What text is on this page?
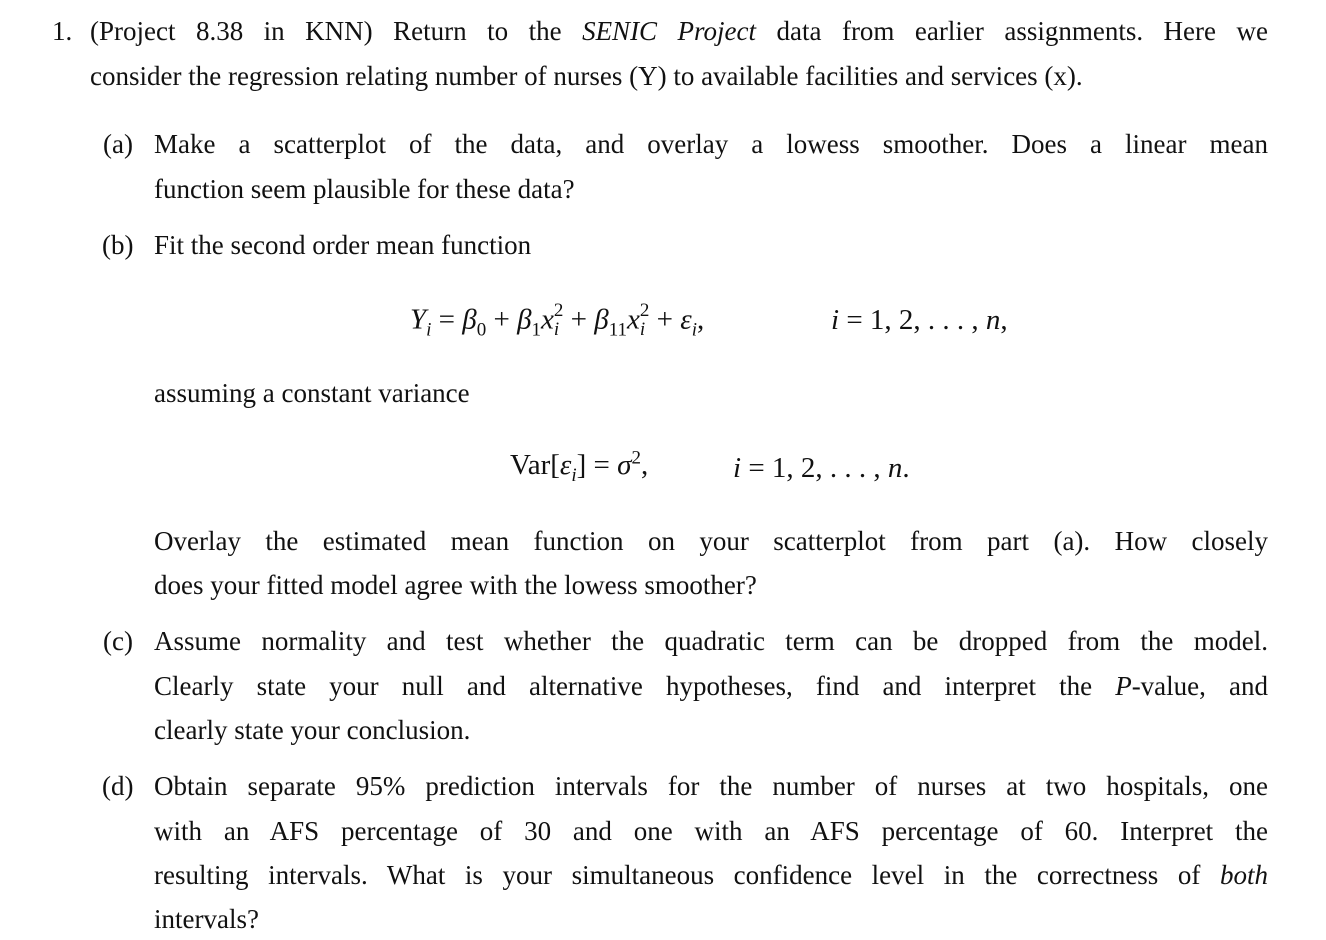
1. (Project 8.38 in KNN) Return to the SENIC Project data from earlier assignments. Here we
consider the regression relating number of nurses (Y) to available facilities and services (x).
(a) Make a scatterplot of the data, and overlay a lowess smoother. Does a linear mean
function seem plausible for these data?
(b) Fit the second order mean function
$Y_i = \beta_0 + \beta_1x$ 2
$i + \beta_{11}x$ 2
$i + \varepsilon_i$,	i = 1, 2, . . . , n,
assuming a constant variance
$Var[\varepsilon_i] = \sigma^2$,	i = 1, 2, . . . , n.
Overlay the estimated mean function on your scatterplot from part (a). How closely
does your fitted model agree with the lowess smoother?
(c) Assume normality and test whether the quadratic term can be dropped from the model.
Clearly state your null and alternative hypotheses, find and interpret the P-value, and
clearly state your conclusion.
(d) Obtain separate 95% prediction intervals for the number of nurses at two hospitals, one
with an AFS percentage of 30 and one with an AFS percentage of 60. Interpret the
resulting intervals. What is your simultaneous confidence level in the correctness of both
intervals?
